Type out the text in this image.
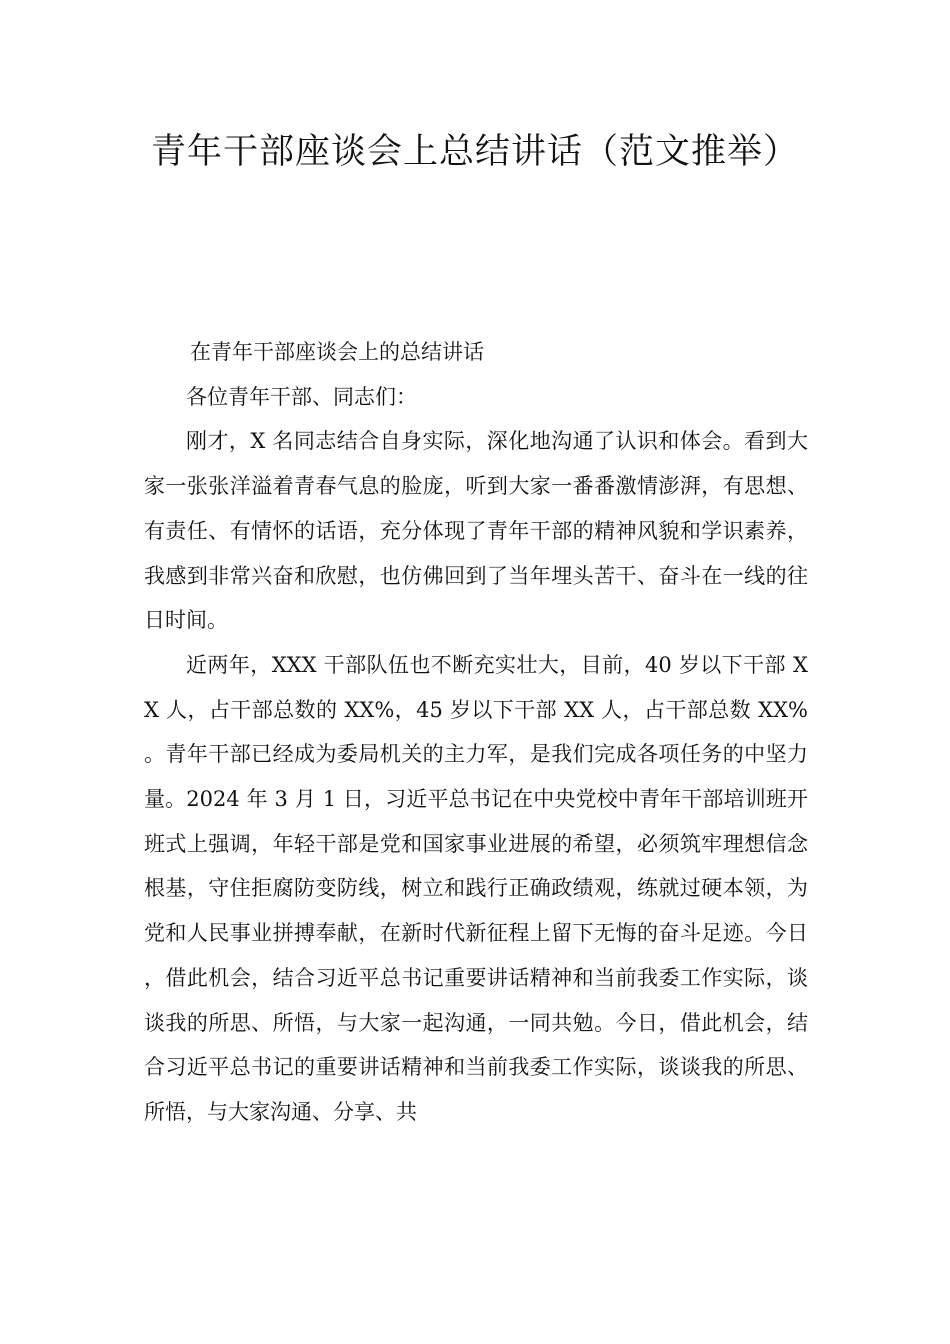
青年干部座谈会上总结讲话（范文推举）

在青年干部座谈会上的总结讲话

各位青年干部、同志们：

刚才，X 名同志结合自身实际，深化地沟通了认识和体会。看到大家一张张洋溢着青春气息的脸庞，听到大家一番番激情澎湃，有思想、有责任、有情怀的话语，充分体现了青年干部的精神风貌和学识素养，我感到非常兴奋和欣慰，也仿佛回到了当年埋头苦干、奋斗在一线的往日时间。

近两年，XXX 干部队伍也不断充实壮大，目前，40 岁以下干部 XX 人，占干部总数的 XX%，45 岁以下干部 XX 人，占干部总数 XX%。青年干部已经成为委局机关的主力军，是我们完成各项任务的中坚力量。2024 年 3 月 1 日，习近平总书记在中央党校中青年干部培训班开班式上强调，年轻干部是党和国家事业进展的希望，必须筑牢理想信念根基，守住拒腐防变防线，树立和践行正确政绩观，练就过硬本领，为党和人民事业拼搏奉献，在新时代新征程上留下无悔的奋斗足迹。今日，借此机会，结合习近平总书记重要讲话精神和当前我委工作实际，谈谈我的所思、所悟，与大家一起沟通，一同共勉。今日，借此机会，结合习近平总书记的重要讲话精神和当前我委工作实际，谈谈我的所思、所悟，与大家沟通、分享、共
